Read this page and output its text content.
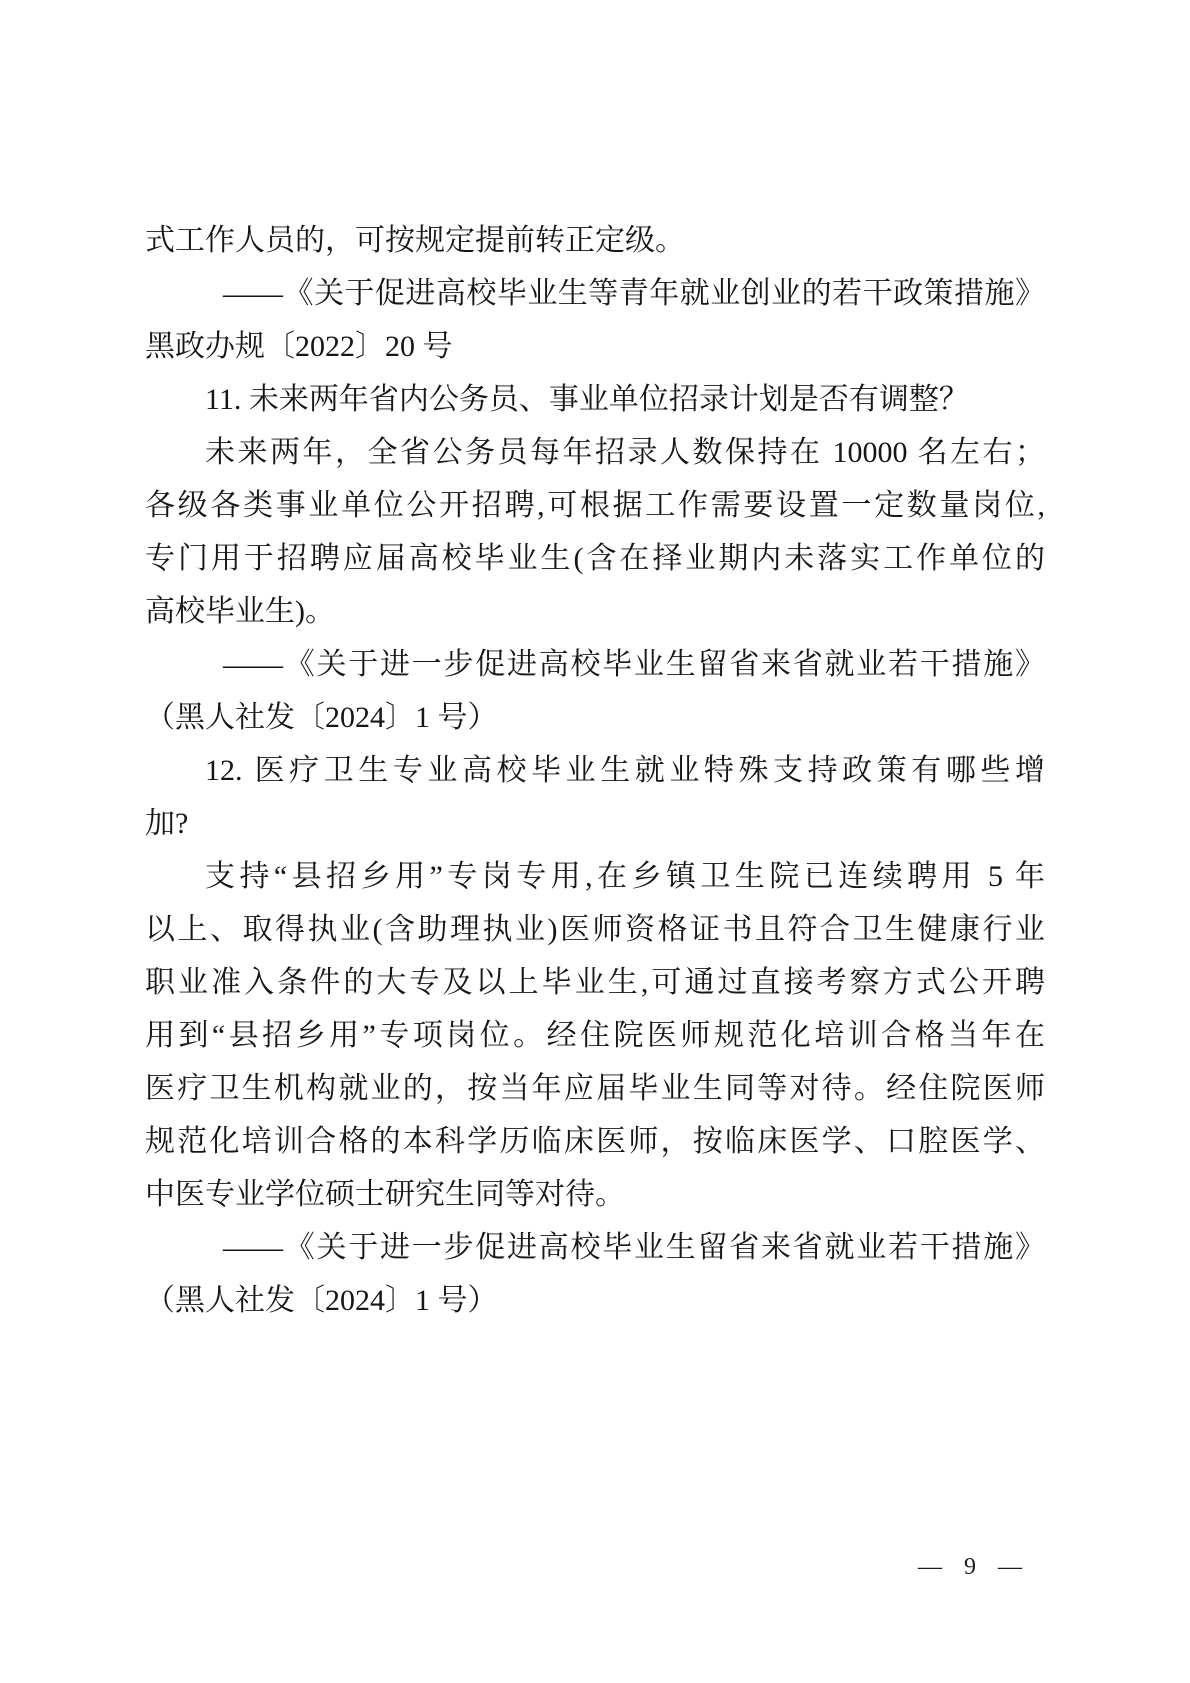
式工作人员的，可按规定提前转正定级。
——《关于促进高校毕业生等青年就业创业的若干政策措施》
黑政办规〔2022〕20 号
11. 未来两年省内公务员、事业单位招录计划是否有调整？
未来两年，全省公务员每年招录人数保持在 10000 名左右；
各级各类事业单位公开招聘,可根据工作需要设置一定数量岗位,
专门用于招聘应届高校毕业生(含在择业期内未落实工作单位的
高校毕业生)。
——《关于进一步促进高校毕业生留省来省就业若干措施》
（黑人社发〔2024〕1 号）
12. 医疗卫生专业高校毕业生就业特殊支持政策有哪些增
加?
支持“县招乡用”专岗专用,在乡镇卫生院已连续聘用 5 年
以上、取得执业(含助理执业)医师资格证书且符合卫生健康行业
职业准入条件的大专及以上毕业生,可通过直接考察方式公开聘
用到“县招乡用”专项岗位。经住院医师规范化培训合格当年在
医疗卫生机构就业的，按当年应届毕业生同等对待。经住院医师
规范化培训合格的本科学历临床医师，按临床医学、口腔医学、
中医专业学位硕士研究生同等对待。
——《关于进一步促进高校毕业生留省来省就业若干措施》
（黑人社发〔2024〕1 号）
— 9 —
